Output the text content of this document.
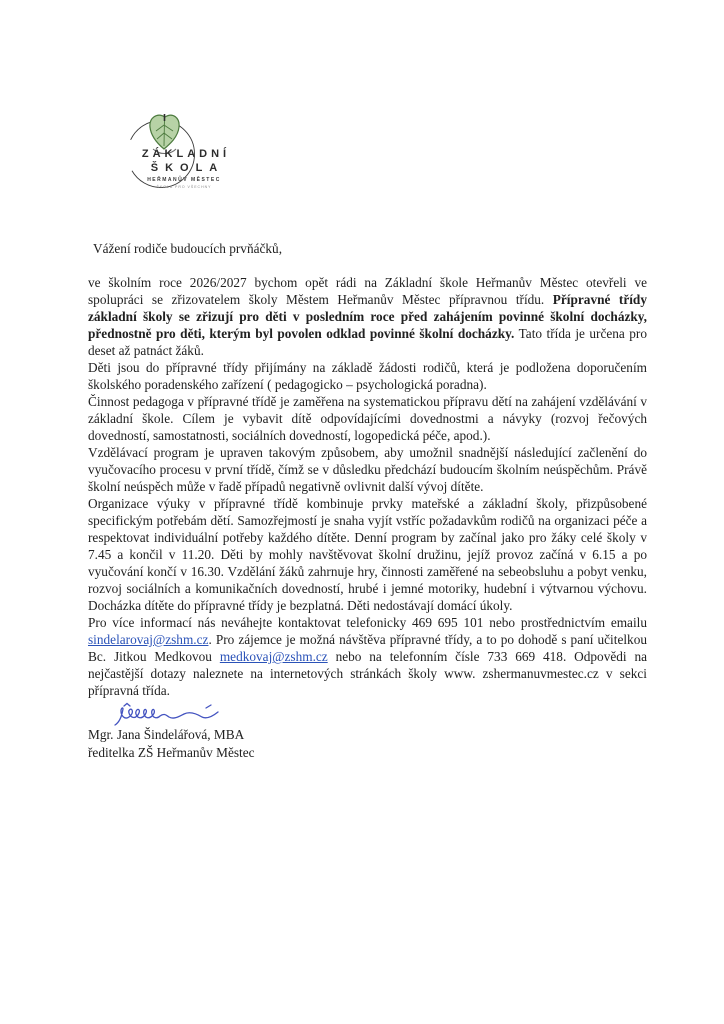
ZÁKLADNÍ
ŠKOLA
HEŘMANŮV MĚSTEC
ŠKOLA PRO VŠECHNY
Vážení rodiče budoucích prvňáčků,

ve školním roce 2026/2027 bychom opět rádi na Základní škole Heřmanův Městec otevřeli ve spolupráci se zřizovatelem školy Městem Heřmanův Městec přípravnou třídu. Přípravné třídy základní školy se zřizují pro děti v posledním roce před zahájením povinné školní docházky, přednostně pro děti, kterým byl povolen odklad povinné školní docházky. Tato třída je určena pro deset až patnáct žáků.

Děti jsou do přípravné třídy přijímány na základě žádosti rodičů, která je podložena doporučením školského poradenského zařízení ( pedagogicko – psychologická poradna).

Činnost pedagoga v přípravné třídě je zaměřena na systematickou přípravu dětí na zahájení vzdělávání v základní škole. Cílem je vybavit dítě odpovídajícími dovednostmi a návyky (rozvoj řečových dovedností, samostatnosti, sociálních dovedností, logopedická péče, apod.).

Vzdělávací program je upraven takovým způsobem, aby umožnil snadnější následující začlenění do vyučovacího procesu v první třídě, čímž se v důsledku předchází budoucím školním neúspěchům. Právě školní neúspěch může v řadě případů negativně ovlivnit další vývoj dítěte.

Organizace výuky v přípravné třídě kombinuje prvky mateřské a základní školy, přizpůsobené specifickým potřebám dětí. Samozřejmostí je snaha vyjít vstříc požadavkům rodičů na organizaci péče a respektovat individuální potřeby každého dítěte. Denní program by začínal jako pro žáky celé školy v 7.45 a končil v 11.20. Děti by mohly navštěvovat školní družinu, jejíž provoz začíná v 6.15 a po vyučování končí v 16.30. Vzdělání žáků zahrnuje hry, činnosti zaměřené na sebeobsluhu a pobyt venku, rozvoj sociálních a komunikačních dovedností, hrubé i jemné motoriky, hudební i výtvarnou výchovu. Docházka dítěte do přípravné třídy je bezplatná. Děti nedostávají domácí úkoly.

Pro více informací nás neváhejte kontaktovat telefonicky 469 695 101 nebo prostřednictvím emailu sindelarovaj@zshm.cz. Pro zájemce je možná návštěva přípravné třídy, a to po dohodě s paní učitelkou Bc. Jitkou Medkovou medkovaj@zshm.cz nebo na telefonním čísle 733 669 418. Odpovědi na nejčastější dotazy naleznete na internetových stránkách školy www. zshermanuvmestec.cz v sekci přípravná třída.

Mgr. Jana Šindelářová, MBA
ředitelka ZŠ Heřmanův Městec
